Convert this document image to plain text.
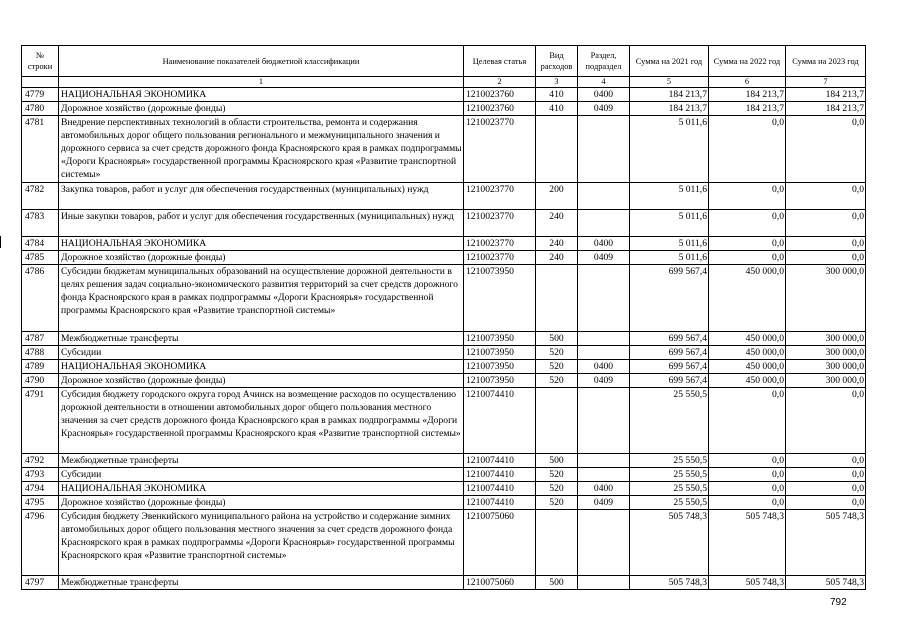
№ строки	Наименование показателей бюджетной классификации	Целевая статья	Вид расходов	Раздел, подраздел	Сумма на 2021 год	Сумма на 2022 год	Сумма на 2023 год
	1	2	3	4	5	6	7
4779	НАЦИОНАЛЬНАЯ ЭКОНОМИКА	1210023760	410	0400	184 213,7	184 213,7	184 213,7
4780	Дорожное хозяйство (дорожные фонды)	1210023760	410	0409	184 213,7	184 213,7	184 213,7
4781	Внедрение перспективных технологий в области строительства, ремонта и содержания автомобильных дорог общего пользования регионального и межмуниципального значения и дорожного сервиса за счет средств дорожного фонда Красноярского края в рамках подпрограммы «Дороги Красноярья» государственной программы Красноярского края «Развитие транспортной системы»	1210023770			5 011,6	0,0	0,0
4782	Закупка товаров, работ и услуг для обеспечения государственных (муниципальных) нужд	1210023770	200		5 011,6	0,0	0,0
4783	Иные закупки товаров, работ и услуг для обеспечения государственных (муниципальных) нужд	1210023770	240		5 011,6	0,0	0,0
4784	НАЦИОНАЛЬНАЯ ЭКОНОМИКА	1210023770	240	0400	5 011,6	0,0	0,0
4785	Дорожное хозяйство (дорожные фонды)	1210023770	240	0409	5 011,6	0,0	0,0
4786	Субсидии бюджетам муниципальных образований на осуществление дорожной деятельности в целях решения задач социально-экономического развития территорий за счет средств дорожного фонда Красноярского края в рамках подпрограммы «Дороги Красноярья» государственной программы Красноярского края «Развитие транспортной системы»	1210073950			699 567,4	450 000,0	300 000,0
4787	Межбюджетные трансферты	1210073950	500		699 567,4	450 000,0	300 000,0
4788	Субсидии	1210073950	520		699 567,4	450 000,0	300 000,0
4789	НАЦИОНАЛЬНАЯ ЭКОНОМИКА	1210073950	520	0400	699 567,4	450 000,0	300 000,0
4790	Дорожное хозяйство (дорожные фонды)	1210073950	520	0409	699 567,4	450 000,0	300 000,0
4791	Субсидия бюджету городского округа город Ачинск на возмещение расходов по осуществлению дорожной деятельности в отношении автомобильных дорог общего пользования местного значения за счет средств дорожного фонда Красноярского края в рамках подпрограммы «Дороги Красноярья» государственной программы Красноярского края «Развитие транспортной системы»	1210074410			25 550,5	0,0	0,0
4792	Межбюджетные трансферты	1210074410	500		25 550,5	0,0	0,0
4793	Субсидии	1210074410	520		25 550,5	0,0	0,0
4794	НАЦИОНАЛЬНАЯ ЭКОНОМИКА	1210074410	520	0400	25 550,5	0,0	0,0
4795	Дорожное хозяйство (дорожные фонды)	1210074410	520	0409	25 550,5	0,0	0,0
4796	Субсидия бюджету Эвенкийского муниципального района на устройство и содержание зимних автомобильных дорог общего пользования местного значения за счет средств дорожного фонда Красноярского края в рамках подпрограммы «Дороги Красноярья» государственной программы Красноярского края «Развитие транспортной системы»	1210075060			505 748,3	505 748,3	505 748,3
4797	Межбюджетные трансферты	1210075060	500		505 748,3	505 748,3	505 748,3
792
